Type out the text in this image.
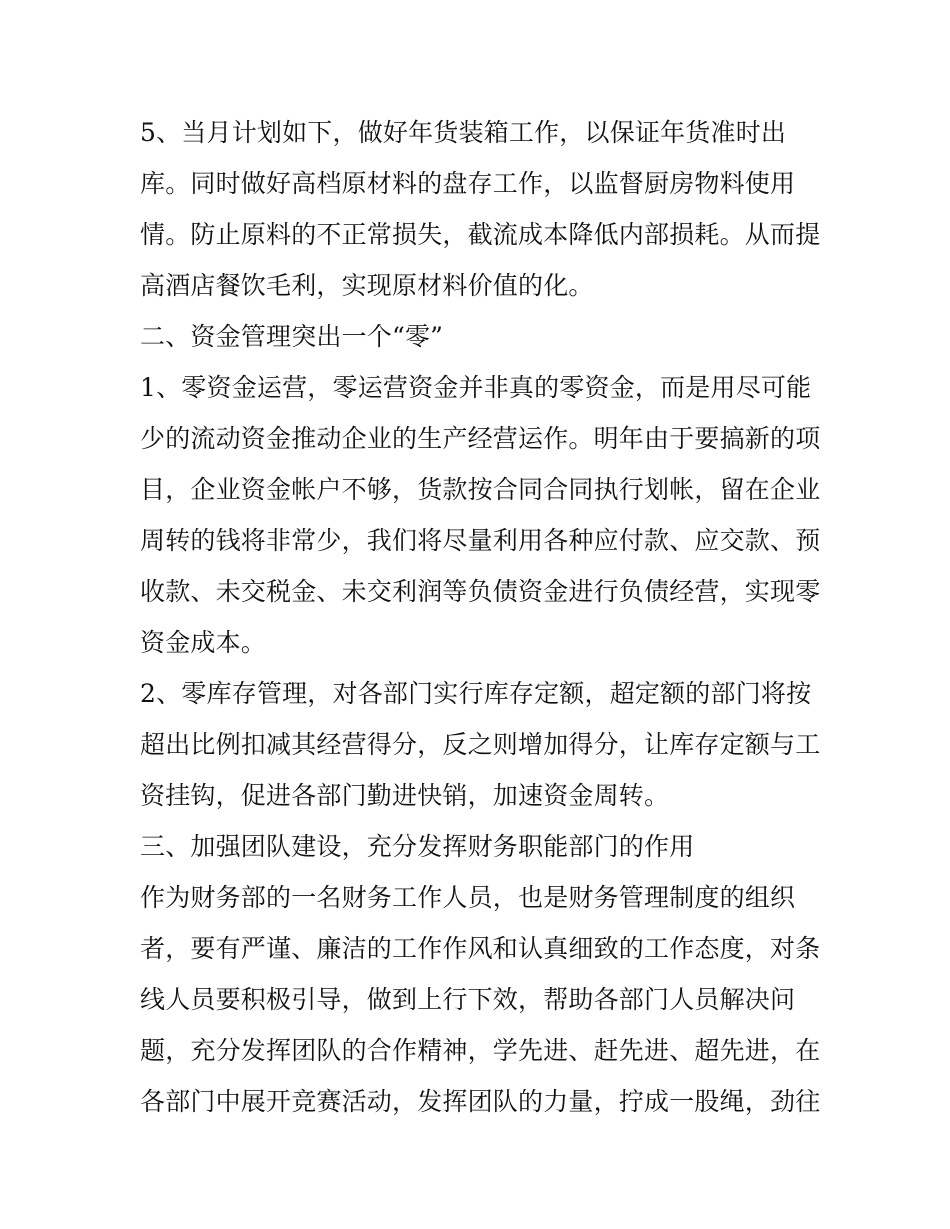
5、当月计划如下，做好年货装箱工作，以保证年货准时出
库。同时做好高档原材料的盘存工作，以监督厨房物料使用
情。防止原料的不正常损失，截流成本降低内部损耗。从而提
高酒店餐饮毛利，实现原材料价值的化。
二、资金管理突出一个“零”
1、零资金运营，零运营资金并非真的零资金，而是用尽可能
少的流动资金推动企业的生产经营运作。明年由于要搞新的项
目，企业资金帐户不够，货款按合同合同执行划帐，留在企业
周转的钱将非常少，我们将尽量利用各种应付款、应交款、预
收款、未交税金、未交利润等负债资金进行负债经营，实现零
资金成本。
2、零库存管理，对各部门实行库存定额，超定额的部门将按
超出比例扣减其经营得分，反之则增加得分，让库存定额与工
资挂钩，促进各部门勤进快销，加速资金周转。
三、加强团队建设，充分发挥财务职能部门的作用
作为财务部的一名财务工作人员，也是财务管理制度的组织
者，要有严谨、廉洁的工作作风和认真细致的工作态度，对条
线人员要积极引导，做到上行下效，帮助各部门人员解决问
题，充分发挥团队的合作精神，学先进、赶先进、超先进，在
各部门中展开竞赛活动，发挥团队的力量，拧成一股绳，劲往
